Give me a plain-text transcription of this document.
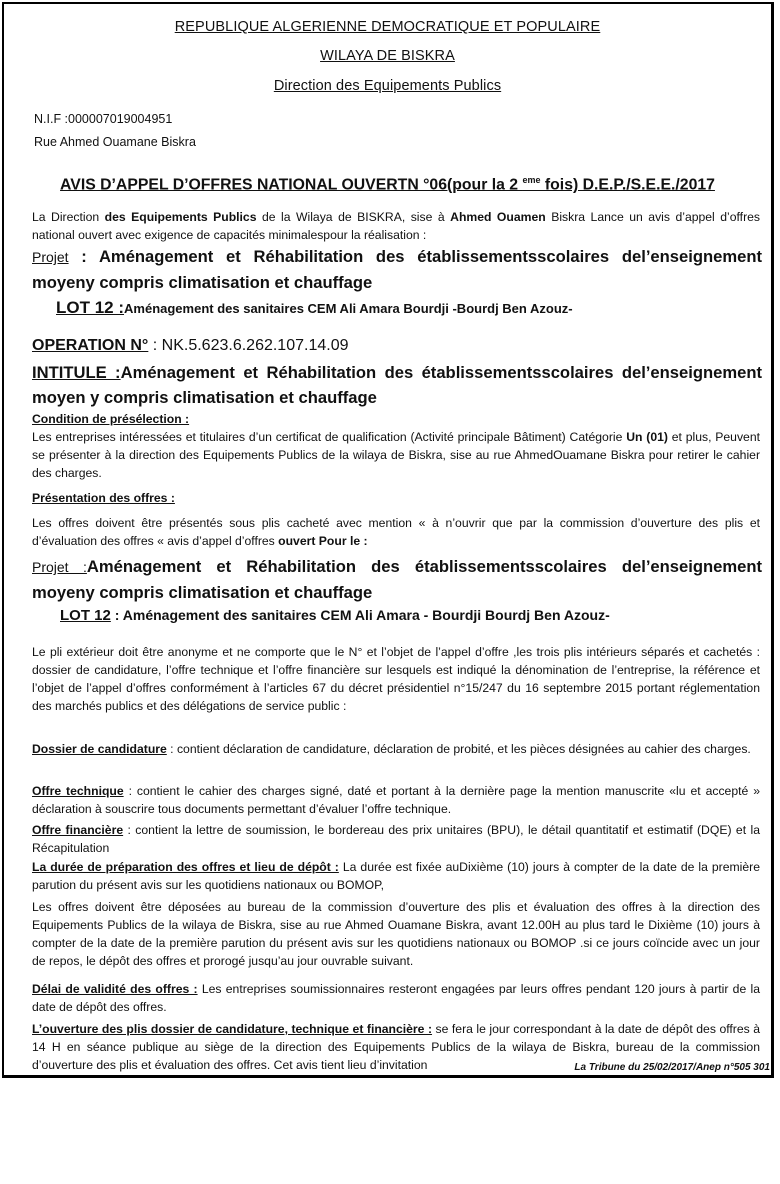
REPUBLIQUE ALGERIENNE DEMOCRATIQUE ET POPULAIRE
WILAYA DE BISKRA
Direction des Equipements Publics
N.I.F :000007019004951
Rue Ahmed Ouamane Biskra
AVIS D’APPEL D’OFFRES NATIONAL OUVERTN °06(pour la 2 $^{eme}$ fois) D.E.P./S.E.E./2017
La Direction des Equipements Publics de la Wilaya de BISKRA, sise à Ahmed Ouamen Biskra Lance un avis d’appel d’offres national ouvert avec exigence de capacités minimalespour la réalisation :
Projet : Aménagement et Réhabilitation des établissementsscolaires del’enseignement moyeny compris climatisation et chauffage
LOT 12 :Aménagement des sanitaires CEM Ali Amara Bourdji -Bourdj Ben Azouz-
OPERATION N° : NK.5.623.6.262.107.14.09
INTITULE :Aménagement et Réhabilitation des établissementsscolaires del’enseignement moyen y compris climatisation et chauffage
Condition de présélection :
Les entreprises intéressées et titulaires d’un certificat de qualification (Activité principale Bâtiment) Catégorie Un (01) et plus, Peuvent se présenter à la direction des Equipements Publics de la wilaya de Biskra, sise au rue AhmedOuamane Biskra pour retirer le cahier des charges.
Présentation des offres :
Les offres doivent être présentés sous plis cacheté avec mention « à n’ouvrir que par la commission d’ouverture des plis et d’évaluation des offres « avis d’appel d’offres ouvert Pour le :
Projet :Aménagement et Réhabilitation des établissementsscolaires del’enseignement moyeny compris climatisation et chauffage
LOT 12 : Aménagement des sanitaires CEM Ali Amara - Bourdji Bourdj Ben Azouz-
Le pli extérieur doit être anonyme et ne comporte que le N° et l’objet de l’appel d’offre ,les trois plis intérieurs séparés et cachetés : dossier de candidature, l’offre technique et l’offre financière sur lesquels est indiqué la dénomination de l’entreprise, la référence et l’objet de l’appel d’offres conformément à l’articles 67 du décret présidentiel n°15/247 du 16 septembre 2015 portant réglementation des marchés publics et des délégations de service public :
Dossier de candidature : contient déclaration de candidature, déclaration de probité, et les pièces désignées au cahier des charges.
Offre technique : contient le cahier des charges signé, daté et portant à la dernière page la mention manuscrite «lu et accepté » déclaration à souscrire tous documents permettant d’évaluer l’offre technique.
Offre financière : contient la lettre de soumission, le bordereau des prix unitaires (BPU), le détail quantitatif et estimatif (DQE) et la Récapitulation
La durée de préparation des offres et lieu de dépôt : La durée est fixée auDixième (10) jours à compter de la date de la première parution du présent avis sur les quotidiens nationaux ou BOMOP,
Les offres doivent être déposées au bureau de la commission d’ouverture des plis et évaluation des offres à la direction des Equipements Publics de la wilaya de Biskra, sise au rue Ahmed Ouamane Biskra, avant 12.00H au plus tard le Dixième (10) jours à compter de la date de la première parution du présent avis sur les quotidiens nationaux ou BOMOP .si ce jours coïncide avec un jour de repos, le dépôt des offres et prorogé jusqu’au jour ouvrable suivant.
Délai de validité des offres : Les entreprises soumissionnaires resteront engagées par leurs offres pendant 120 jours à partir de la date de dépôt des offres.
L’ouverture des plis dossier de candidature, technique et financière : se fera le jour correspondant à la date de dépôt des offres à 14 H en séance publique au siège de la direction des Equipements Publics de la wilaya de Biskra, bureau de la commission d’ouverture des plis et évaluation des offres. Cet avis tient lieu d’invitation	La Tribune du 25/02/2017/Anep n°505 301
